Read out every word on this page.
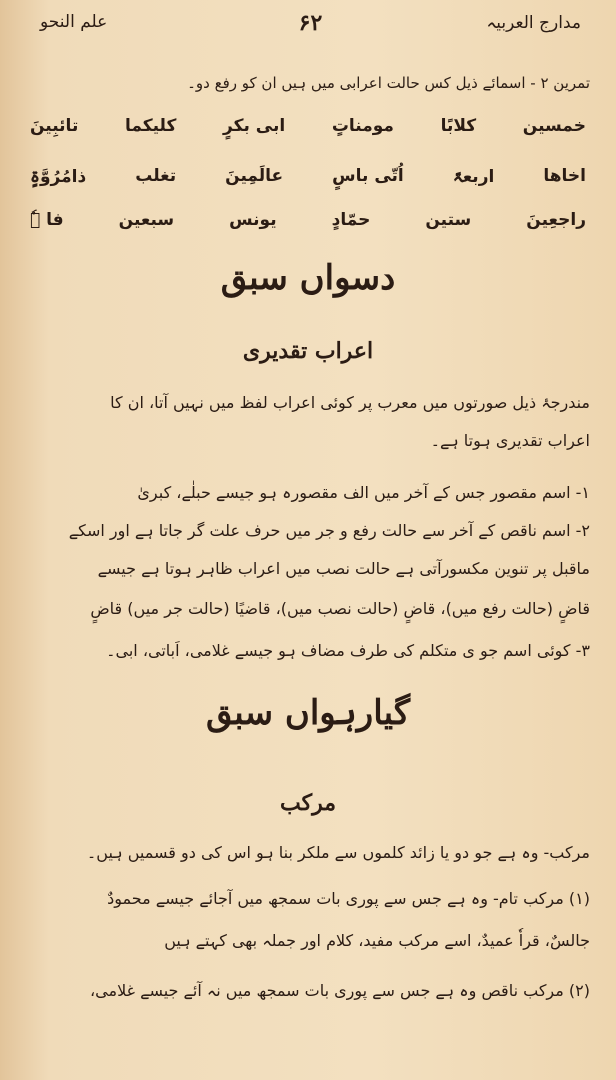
علم النحو	۶۲	مدارج العربیہ
تمرین ۲ - اسمائے ذیل کس حالت اعرابی میں ہیں ان کو رفع دو۔
خمسین
کلابًا
مومناتٍ
ابی بکرٍ
کلیکما
تائبِینَ
اخاھا
اربعۃً
اُتّی باسٍ
عالَمِینَ
تغلب
ذامُرُوَّۃٍ
راجعِینَ
ستین
حمّادٍ
یونس
سبعین
فا ہٗ
دسواں سبق
اعراب تقدیری
مندرجۂ ذیل صورتوں میں معرب پر کوئی اعراب لفظ میں نہیں آتا، ان کا
اعراب تقدیری ہوتا ہے۔
۱- اسم مقصور جس کے آخر میں الف مقصورہ ہو جیسے حبلٰے، کبریٰ
۲- اسم ناقص کے آخر سے حالت رفع و جر میں حرف علت گر جاتا ہے اور اسکے
ماقبل پر تنوین مکسورآتی ہے حالت نصب میں اعراب ظاہر ہوتا ہے جیسے
قاضٍ (حالت رفع میں)، قاضٍ (حالت نصب میں)، قاضیًا (حالت جر میں) قاضٍ
۳- کوئی اسم جو ی متکلم کی طرف مضاف ہو جیسے غلامی، اَباتی، ابی۔
گیارہواں سبق
مرکب
مرکب- وہ ہے جو دو یا زائد کلموں سے ملکر بنا ہو اس کی دو قسمیں ہیں۔
(۱) مرکب تام- وہ ہے جس سے پوری بات سمجھ میں آجائے جیسے محمودٌ
جالسٌ، قراٗ عمیدٌ، اسے مرکب مفید، کلام اور جملہ بھی کہتے ہیں
(۲) مرکب ناقص وہ ہے جس سے پوری بات سمجھ میں نہ آئے جیسے غلامی،
